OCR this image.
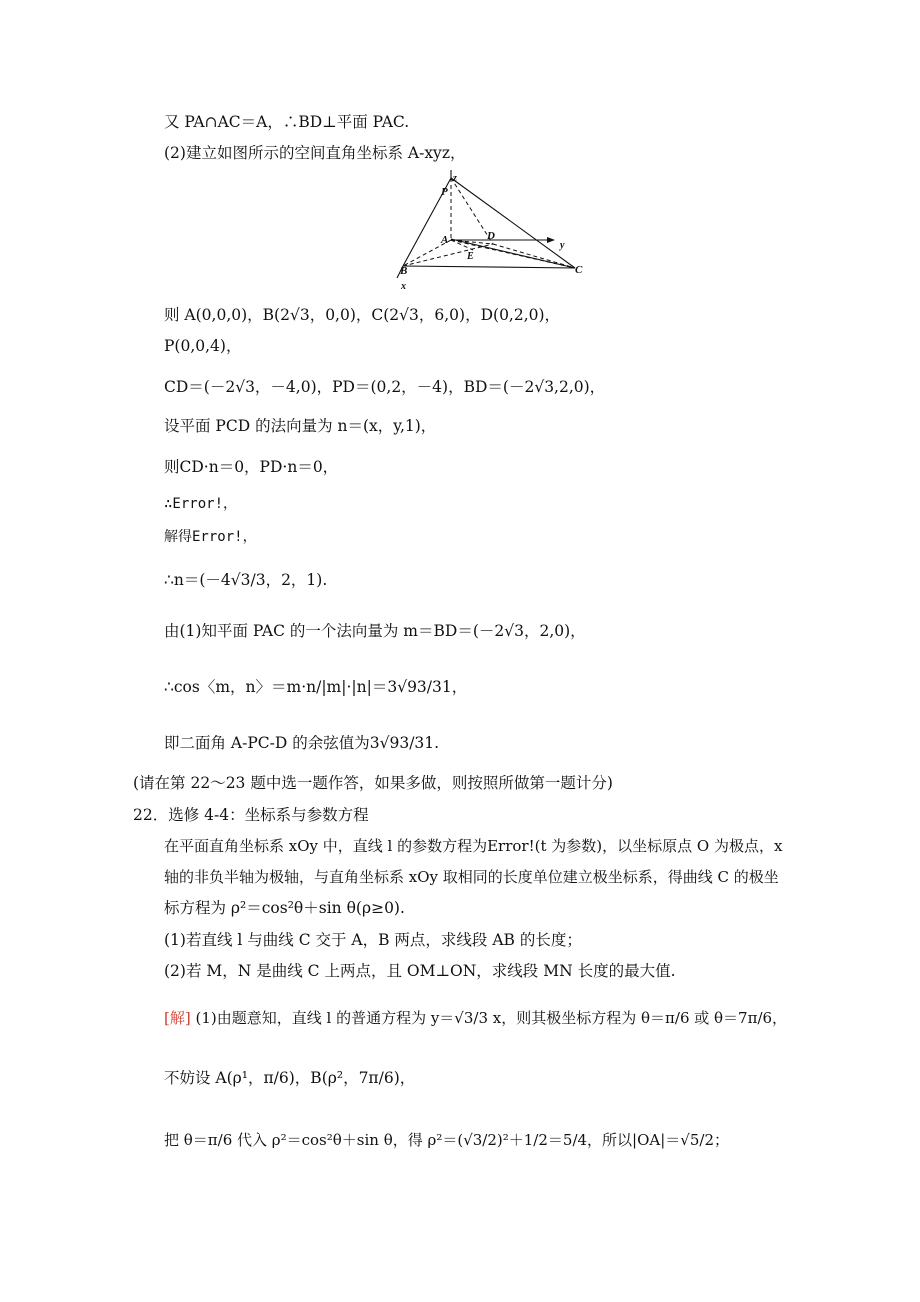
又 PA∩AC＝A，∴BD⊥平面 PAC.
(2)建立如图所示的空间直角坐标系 A-xyz，
P
z
A	D
y
E
B	C
x
则 A(0,0,0)，B(2√3，0,0)，C(2√3，6,0)，D(0,2,0)，
P(0,0,4)，
CD＝(－2√3，－4,0)，PD＝(0,2，－4)，BD＝(－2√3,2,0)，
设平面 PCD 的法向量为 n＝(x，y,1)，
则CD·n＝0，PD·n＝0，
∴Error!，
解得Error!，
∴n＝(－4√3/3，2，1).
由(1)知平面 PAC 的一个法向量为 m＝BD＝(－2√3，2,0)，
∴cos〈m，n〉＝m·n/|m|·|n|＝3√93/31，
即二面角 A-PC-D 的余弦值为3√93/31.
(请在第 22～23 题中选一题作答，如果多做，则按照所做第一题计分)
22．选修 4-4：坐标系与参数方程
在平面直角坐标系 xOy 中，直线 l 的参数方程为Error!(t 为参数)，以坐标原点 O 为极点，x
轴的非负半轴为极轴，与直角坐标系 xOy 取相同的长度单位建立极坐标系，得曲线 C 的极坐
标方程为 ρ²＝cos²θ＋sin θ(ρ≥0).
(1)若直线 l 与曲线 C 交于 A，B 两点，求线段 AB 的长度；
(2)若 M，N 是曲线 C 上两点，且 OM⊥ON，求线段 MN 长度的最大值.
[解] (1)由题意知，直线 l 的普通方程为 y＝√3/3 x，则其极坐标方程为 θ＝π/6 或 θ＝7π/6，
不妨设 A(ρ¹，π/6)，B(ρ²，7π/6)，
把 θ＝π/6 代入 ρ²＝cos²θ＋sin θ，得 ρ²＝(√3/2)²＋1/2＝5/4，所以|OA|＝√5/2；
